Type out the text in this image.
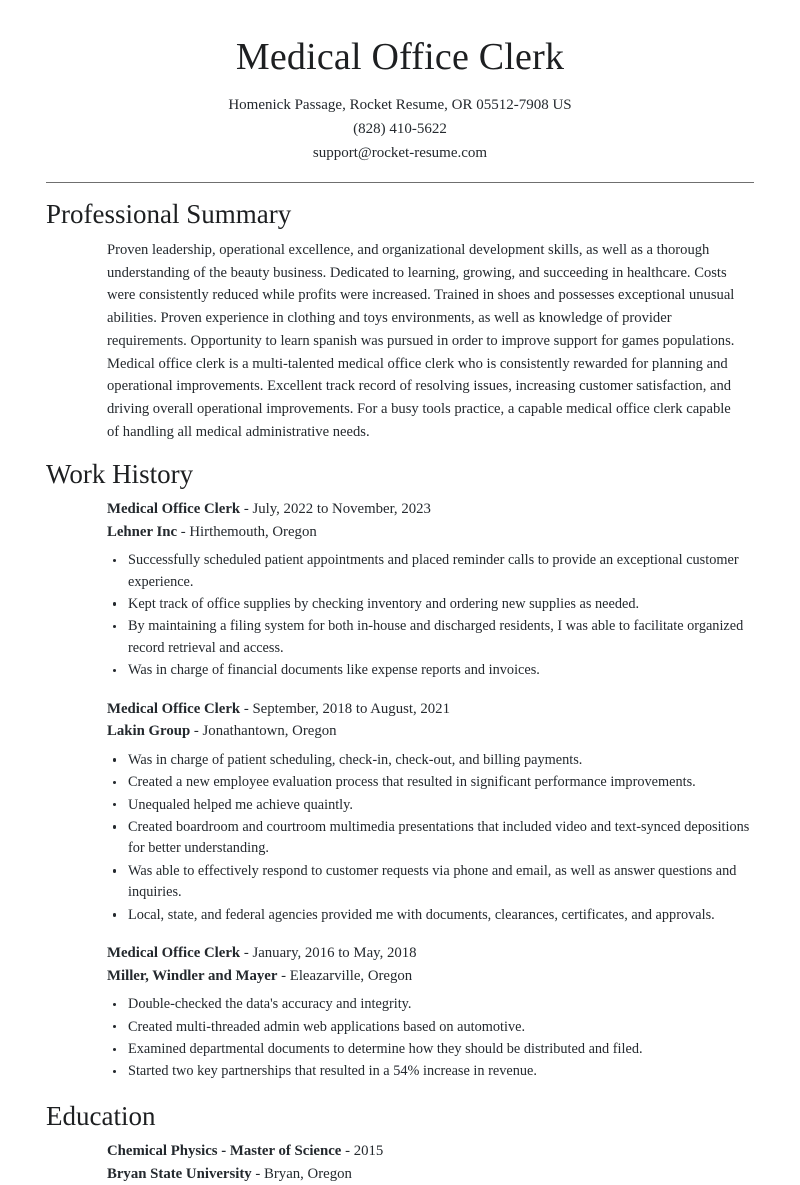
Medical Office Clerk
Homenick Passage, Rocket Resume, OR 05512-7908 US
(828) 410-5622
support@rocket-resume.com
Professional Summary

Proven leadership, operational excellence, and organizational development skills, as well as a thorough understanding of the beauty business. Dedicated to learning, growing, and succeeding in healthcare. Costs were consistently reduced while profits were increased. Trained in shoes and possesses exceptional unusual abilities. Proven experience in clothing and toys environments, as well as knowledge of provider requirements. Opportunity to learn spanish was pursued in order to improve support for games populations. Medical office clerk is a multi-talented medical office clerk who is consistently rewarded for planning and operational improvements. Excellent track record of resolving issues, increasing customer satisfaction, and driving overall operational improvements. For a busy tools practice, a capable medical office clerk capable of handling all medical administrative needs.

Work History
Medical Office Clerk - July, 2022 to November, 2023
Lehner Inc - Hirthemouth, Oregon
Successfully scheduled patient appointments and placed reminder calls to provide an exceptional customer experience.
Kept track of office supplies by checking inventory and ordering new supplies as needed.
By maintaining a filing system for both in-house and discharged residents, I was able to facilitate organized record retrieval and access.
Was in charge of financial documents like expense reports and invoices.
Medical Office Clerk - September, 2018 to August, 2021
Lakin Group - Jonathantown, Oregon
Was in charge of patient scheduling, check-in, check-out, and billing payments.
Created a new employee evaluation process that resulted in significant performance improvements.
Unequaled helped me achieve quaintly.
Created boardroom and courtroom multimedia presentations that included video and text-synced depositions for better understanding.
Was able to effectively respond to customer requests via phone and email, as well as answer questions and inquiries.
Local, state, and federal agencies provided me with documents, clearances, certificates, and approvals.
Medical Office Clerk - January, 2016 to May, 2018
Miller, Windler and Mayer - Eleazarville, Oregon
Double-checked the data's accuracy and integrity.
Created multi-threaded admin web applications based on automotive.
Examined departmental documents to determine how they should be distributed and filed.
Started two key partnerships that resulted in a 54% increase in revenue.
Education
Chemical Physics - Master of Science - 2015
Bryan State University - Bryan, Oregon
